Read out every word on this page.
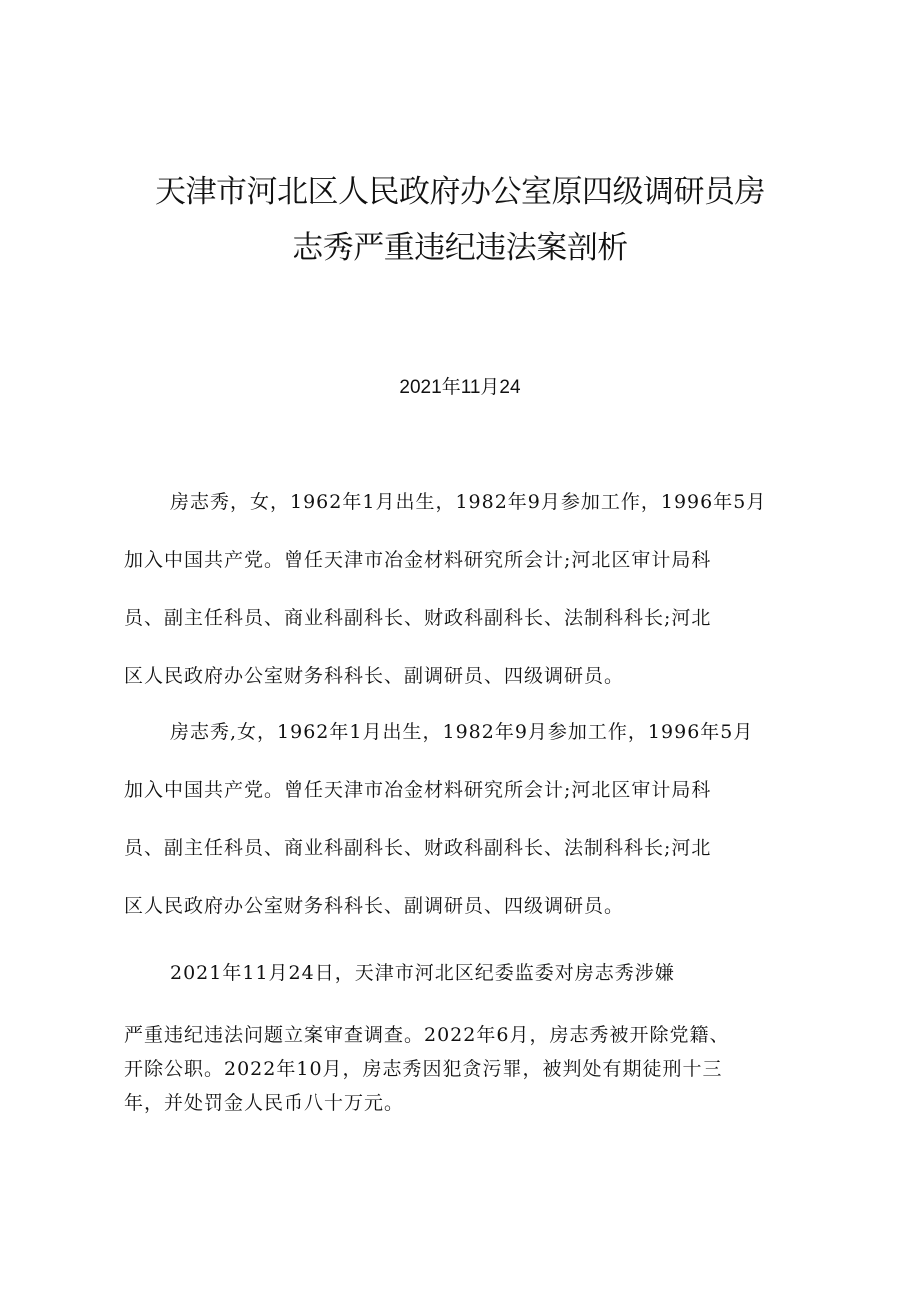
天津市河北区人民政府办公室原四级调研员房
志秀严重违纪违法案剖析
2021年11月24

房志秀，女，1962年1月出生，1982年9月参加工作，1996年5月

加入中国共产党。曾任天津市冶金材料研究所会计;河北区审计局科

员、副主任科员、商业科副科长、财政科副科长、法制科科长;河北

区人民政府办公室财务科科长、副调研员、四级调研员。

房志秀,女，1962年1月出生，1982年9月参加工作，1996年5月

加入中国共产党。曾任天津市冶金材料研究所会计;河北区审计局科

员、副主任科员、商业科副科长、财政科副科长、法制科科长;河北

区人民政府办公室财务科科长、副调研员、四级调研员。

2021年11月24日，天津市河北区纪委监委对房志秀涉嫌

严重违纪违法问题立案审查调查。2022年6月，房志秀被开除党籍、

开除公职。2022年10月，房志秀因犯贪污罪，被判处有期徒刑十三

年，并处罚金人民币八十万元。
